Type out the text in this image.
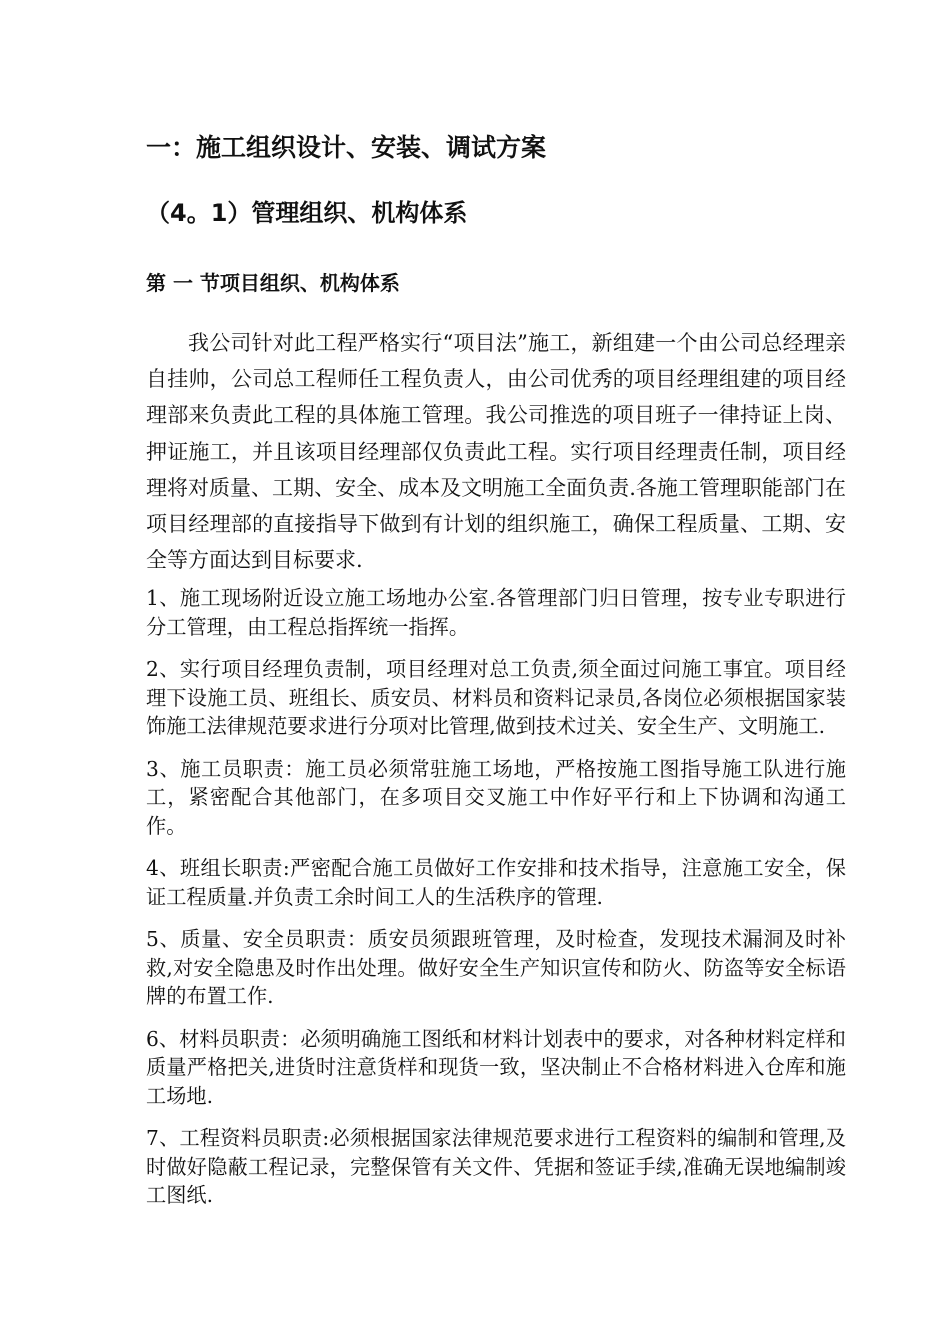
一：施工组织设计、安装、调试方案
（4。1）管理组织、机构体系
第 一 节项目组织、机构体系

我公司针对此工程严格实行“项目法”施工，新组建一个由公司总经理亲自挂帅，公司总工程师任工程负责人，由公司优秀的项目经理组建的项目经理部来负责此工程的具体施工管理。我公司推选的项目班子一律持证上岗、押证施工，并且该项目经理部仅负责此工程。实行项目经理责任制，项目经理将对质量、工期、安全、成本及文明施工全面负责.各施工管理职能部门在项目经理部的直接指导下做到有计划的组织施工，确保工程质量、工期、安全等方面达到目标要求.

1、施工现场附近设立施工场地办公室.各管理部门归日管理，按专业专职进行分工管理，由工程总指挥统一指挥。

2、实行项目经理负责制，项目经理对总工负责,须全面过问施工事宜。项目经理下设施工员、班组长、质安员、材料员和资料记录员,各岗位必须根据国家装饰施工法律规范要求进行分项对比管理,做到技术过关、安全生产、文明施工.

3、施工员职责：施工员必须常驻施工场地，严格按施工图指导施工队进行施工，紧密配合其他部门，在多项目交叉施工中作好平行和上下协调和沟通工作。

4、班组长职责:严密配合施工员做好工作安排和技术指导，注意施工安全，保证工程质量.并负责工余时间工人的生活秩序的管理.

5、质量、安全员职责：质安员须跟班管理，及时检查，发现技术漏洞及时补救,对安全隐患及时作出处理。做好安全生产知识宣传和防火、防盗等安全标语牌的布置工作.

6、材料员职责：必须明确施工图纸和材料计划表中的要求，对各种材料定样和质量严格把关,进货时注意货样和现货一致，坚决制止不合格材料进入仓库和施工场地.

7、工程资料员职责:必须根据国家法律规范要求进行工程资料的编制和管理,及时做好隐蔽工程记录，完整保管有关文件、凭据和签证手续,准确无误地编制竣工图纸.
